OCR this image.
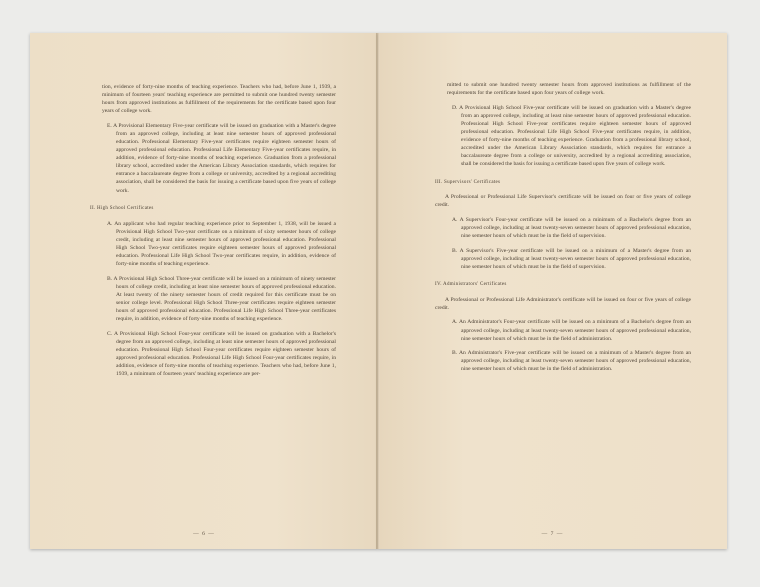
tion, evidence of forty-nine months of teaching experience. Teachers who had, before June 1, 1939, a minimum of fourteen years' teaching experience are permitted to submit one hundred twenty semester hours from approved institutions as fulfillment of the requirements for the certificate based upon four years of college work.

E. A Provisional Elementary Five-year certificate will be issued on graduation with a Master's degree from an approved college, including at least nine semester hours of approved professional education. Professional Elementary Five-year certificates require eighteen semester hours of approved professional education. Professional Life Elementary Five-year certificates require, in addition, evidence of forty-nine months of teaching experience. Graduation from a professional library school, accredited under the American Library Association standards, which requires for entrance a baccalaureate degree from a college or university, accredited by a regional accrediting association, shall be considered the basis for issuing a certificate based upon five years of college work.

II. High School Certificates

A. An applicant who had regular teaching experience prior to September 1, 1938, will be issued a Provisional High School Two-year certificate on a minimum of sixty semester hours of college credit, including at least nine semester hours of approved professional education. Professional High School Two-year certificates require eighteen semester hours of approved professional education. Professional Life High School Two-year certificates require, in addition, evidence of forty-nine months of teaching experience.

B. A Provisional High School Three-year certificate will be issued on a minimum of ninety semester hours of college credit, including at least nine semester hours of approved professional education. At least twenty of the ninety semester hours of credit required for this certificate must be on senior college level. Professional High School Three-year certificates require eighteen semester hours of approved professional education. Professional Life High School Three-year certificates require, in addition, evidence of forty-nine months of teaching experience.

C. A Provisional High School Four-year certificate will be issued on graduation with a Bachelor's degree from an approved college, including at least nine semester hours of approved professional education. Professional High School Four-year certificates require eighteen semester hours of approved professional education. Professional Life High School Four-year certificates require, in addition, evidence of forty-nine months of teaching experience. Teachers who had, before June 1, 1939, a minimum of fourteen years' teaching experience are per-

— 6 —

mitted to submit one hundred twenty semester hours from approved institutions as fulfillment of the requirements for the certificate based upon four years of college work.

D. A Provisional High School Five-year certificate will be issued on graduation with a Master's degree from an approved college, including at least nine semester hours of approved professional education. Professional High School Five-year certificates require eighteen semester hours of approved professional education. Professional Life High School Five-year certificates require, in addition, evidence of forty-nine months of teaching experience. Graduation from a professional library school, accredited under the American Library Association standards, which requires for entrance a baccalaureate degree from a college or university, accredited by a regional accrediting association, shall be considered the basis for issuing a certificate based upon five years of college work.

III. Supervisors' Certificates

A Professional or Professional Life Supervisor's certificate will be issued on four or five years of college credit.

A. A Supervisor's Four-year certificate will be issued on a minimum of a Bachelor's degree from an approved college, including at least twenty-seven semester hours of approved professional education, nine semester hours of which must be in the field of supervision.

B. A Supervisor's Five-year certificate will be issued on a minimum of a Master's degree from an approved college, including at least twenty-seven semester hours of approved professional education, nine semester hours of which must be in the field of supervision.

IV. Administrators' Certificates

A Professional or Professional Life Administrator's certificate will be issued on four or five years of college credit.

A. An Administrator's Four-year certificate will be issued on a minimum of a Bachelor's degree from an approved college, including at least twenty-seven semester hours of approved professional education, nine semester hours of which must be in the field of administration.

B. An Administrator's Five-year certificate will be issued on a minimum of a Master's degree from an approved college, including at least twenty-seven semester hours of approved professional education, nine semester hours of which must be in the field of administration.

— 7 —
